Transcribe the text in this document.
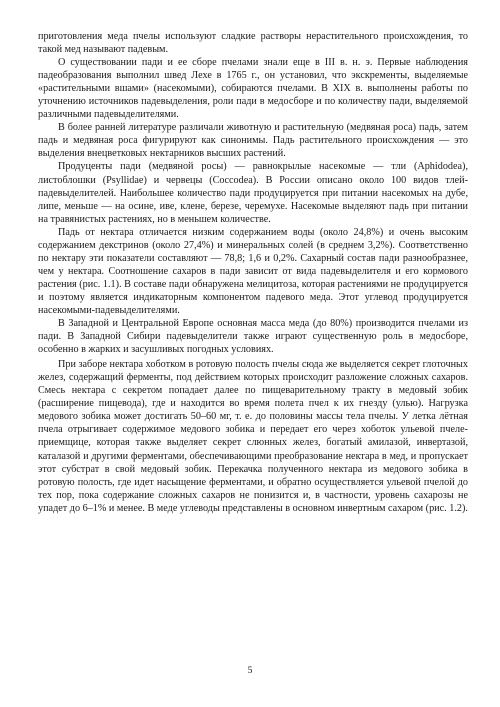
приготовления меда пчелы используют сладкие растворы нерастительного происхождения, то такой мед называют падевым.

О существовании пади и ее сборе пчелами знали еще в III в. н. э. Первые наблюдения падеобразования выполнил швед Лехе в 1765 г., он установил, что экскременты, выделяемые «растительными вшами» (насекомыми), собираются пчелами. В XIX в. выполнены работы по уточнению источников падевыделения, роли пади в медосборе и по количеству пади, выделяемой различными падевыделителями.

В более ранней литературе различали животную и растительную (медвяная роса) падь, затем падь и медвяная роса фигурируют как синонимы. Падь растительного происхождения — это выделения внецветковых нектарников высших растений.

Продуценты пади (медвяной росы) — равнокрылые насекомые — тли (Aphidodea), листоблошки (Psyllidae) и червецы (Coccodea). В России описано около 100 видов тлей-падевыделителей. Наибольшее количество пади продуцируется при питании насекомых на дубе, липе, меньше — на осине, иве, клене, березе, черемухе. Насекомые выделяют падь при питании на травянистых растениях, но в меньшем количестве.

Падь от нектара отличается низким содержанием воды (около 24,8%) и очень высоким содержанием декстринов (около 27,4%) и минеральных солей (в среднем 3,2%). Соответственно по нектару эти показатели составляют — 78,8; 1,6 и 0,2%. Сахарный состав пади разнообразнее, чем у нектара. Соотношение сахаров в пади зависит от вида падевыделителя и его кормового растения (рис. 1.1). В составе пади обнаружена мелицитоза, которая растениями не продуцируется и поэтому является индикаторным компонентом падевого меда. Этот углевод продуцируется насекомыми-падевыделителями.

В Западной и Центральной Европе основная масса меда (до 80%) производится пчелами из пади. В Западной Сибири падевыделители также играют существенную роль в медосборе, особенно в жарких и засушливых погодных условиях.

При заборе нектара хоботком в ротовую полость пчелы сюда же выделяется секрет глоточных желез, содержащий ферменты, под действием которых происходит разложение сложных сахаров. Смесь нектара с секретом попадает далее по пищеварительному тракту в медовый зобик (расширение пищевода), где и находится во время полета пчел к их гнезду (улью). Нагрузка медового зобика может достигать 50–60 мг, т. е. до половины массы тела пчелы. У летка лётная пчела отрыгивает содержимое медового зобика и передает его через хоботок ульевой пчеле-приемщице, которая также выделяет секрет слюнных желез, богатый амилазой, инвертазой, каталазой и другими ферментами, обеспечивающими преобразование нектара в мед, и пропускает этот субстрат в свой медовый зобик. Перекачка полученного нектара из медового зобика в ротовую полость, где идет насыщение ферментами, и обратно осуществляется ульевой пчелой до тех пор, пока содержание сложных сахаров не понизится и, в частности, уровень сахарозы не упадет до 6–1% и менее. В меде углеводы представлены в основном инвертным сахаром (рис. 1.2).

5
